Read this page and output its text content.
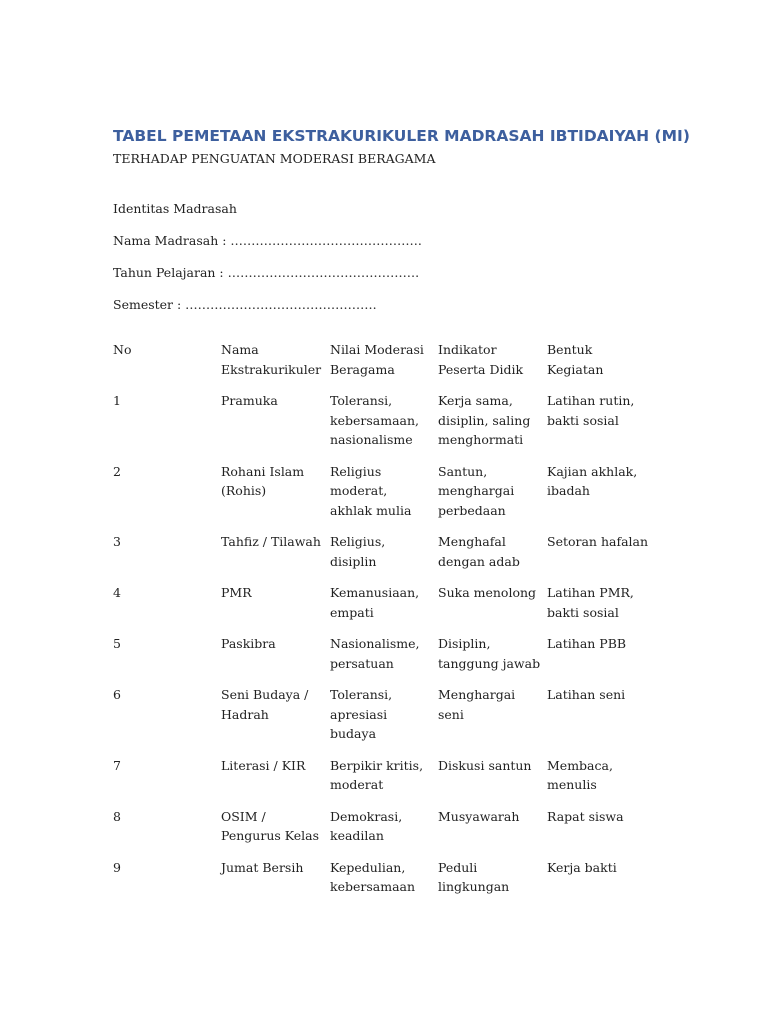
TABEL PEMETAAN EKSTRAKURIKULER MADRASAH IBTIDAIYAH (MI)

TERHADAP PENGUATAN MODERASI BERAGAMA

Identitas Madrasah

Nama Madrasah : ……………………………………….

Tahun Pelajaran : ……………………………………….

Semester : ……………………………………….

No	Nama Ekstrakurikuler	Nilai Moderasi Beragama	Indikator Peserta Didik	Bentuk Kegiatan
1	Pramuka	Toleransi, kebersamaan, nasionalisme	Kerja sama, disiplin, saling menghormati	Latihan rutin, bakti sosial
2	Rohani Islam (Rohis)	Religius moderat, akhlak mulia	Santun, menghargai perbedaan	Kajian akhlak, ibadah
3	Tahfiz / Tilawah	Religius, disiplin	Menghafal dengan adab	Setoran hafalan
4	PMR	Kemanusiaan, empati	Suka menolong	Latihan PMR, bakti sosial
5	Paskibra	Nasionalisme, persatuan	Disiplin, tanggung jawab	Latihan PBB
6	Seni Budaya / Hadrah	Toleransi, apresiasi budaya	Menghargai seni	Latihan seni
7	Literasi / KIR	Berpikir kritis, moderat	Diskusi santun	Membaca, menulis
8	OSIM / Pengurus Kelas	Demokrasi, keadilan	Musyawarah	Rapat siswa
9	Jumat Bersih	Kepedulian, kebersamaan	Peduli lingkungan	Kerja bakti
